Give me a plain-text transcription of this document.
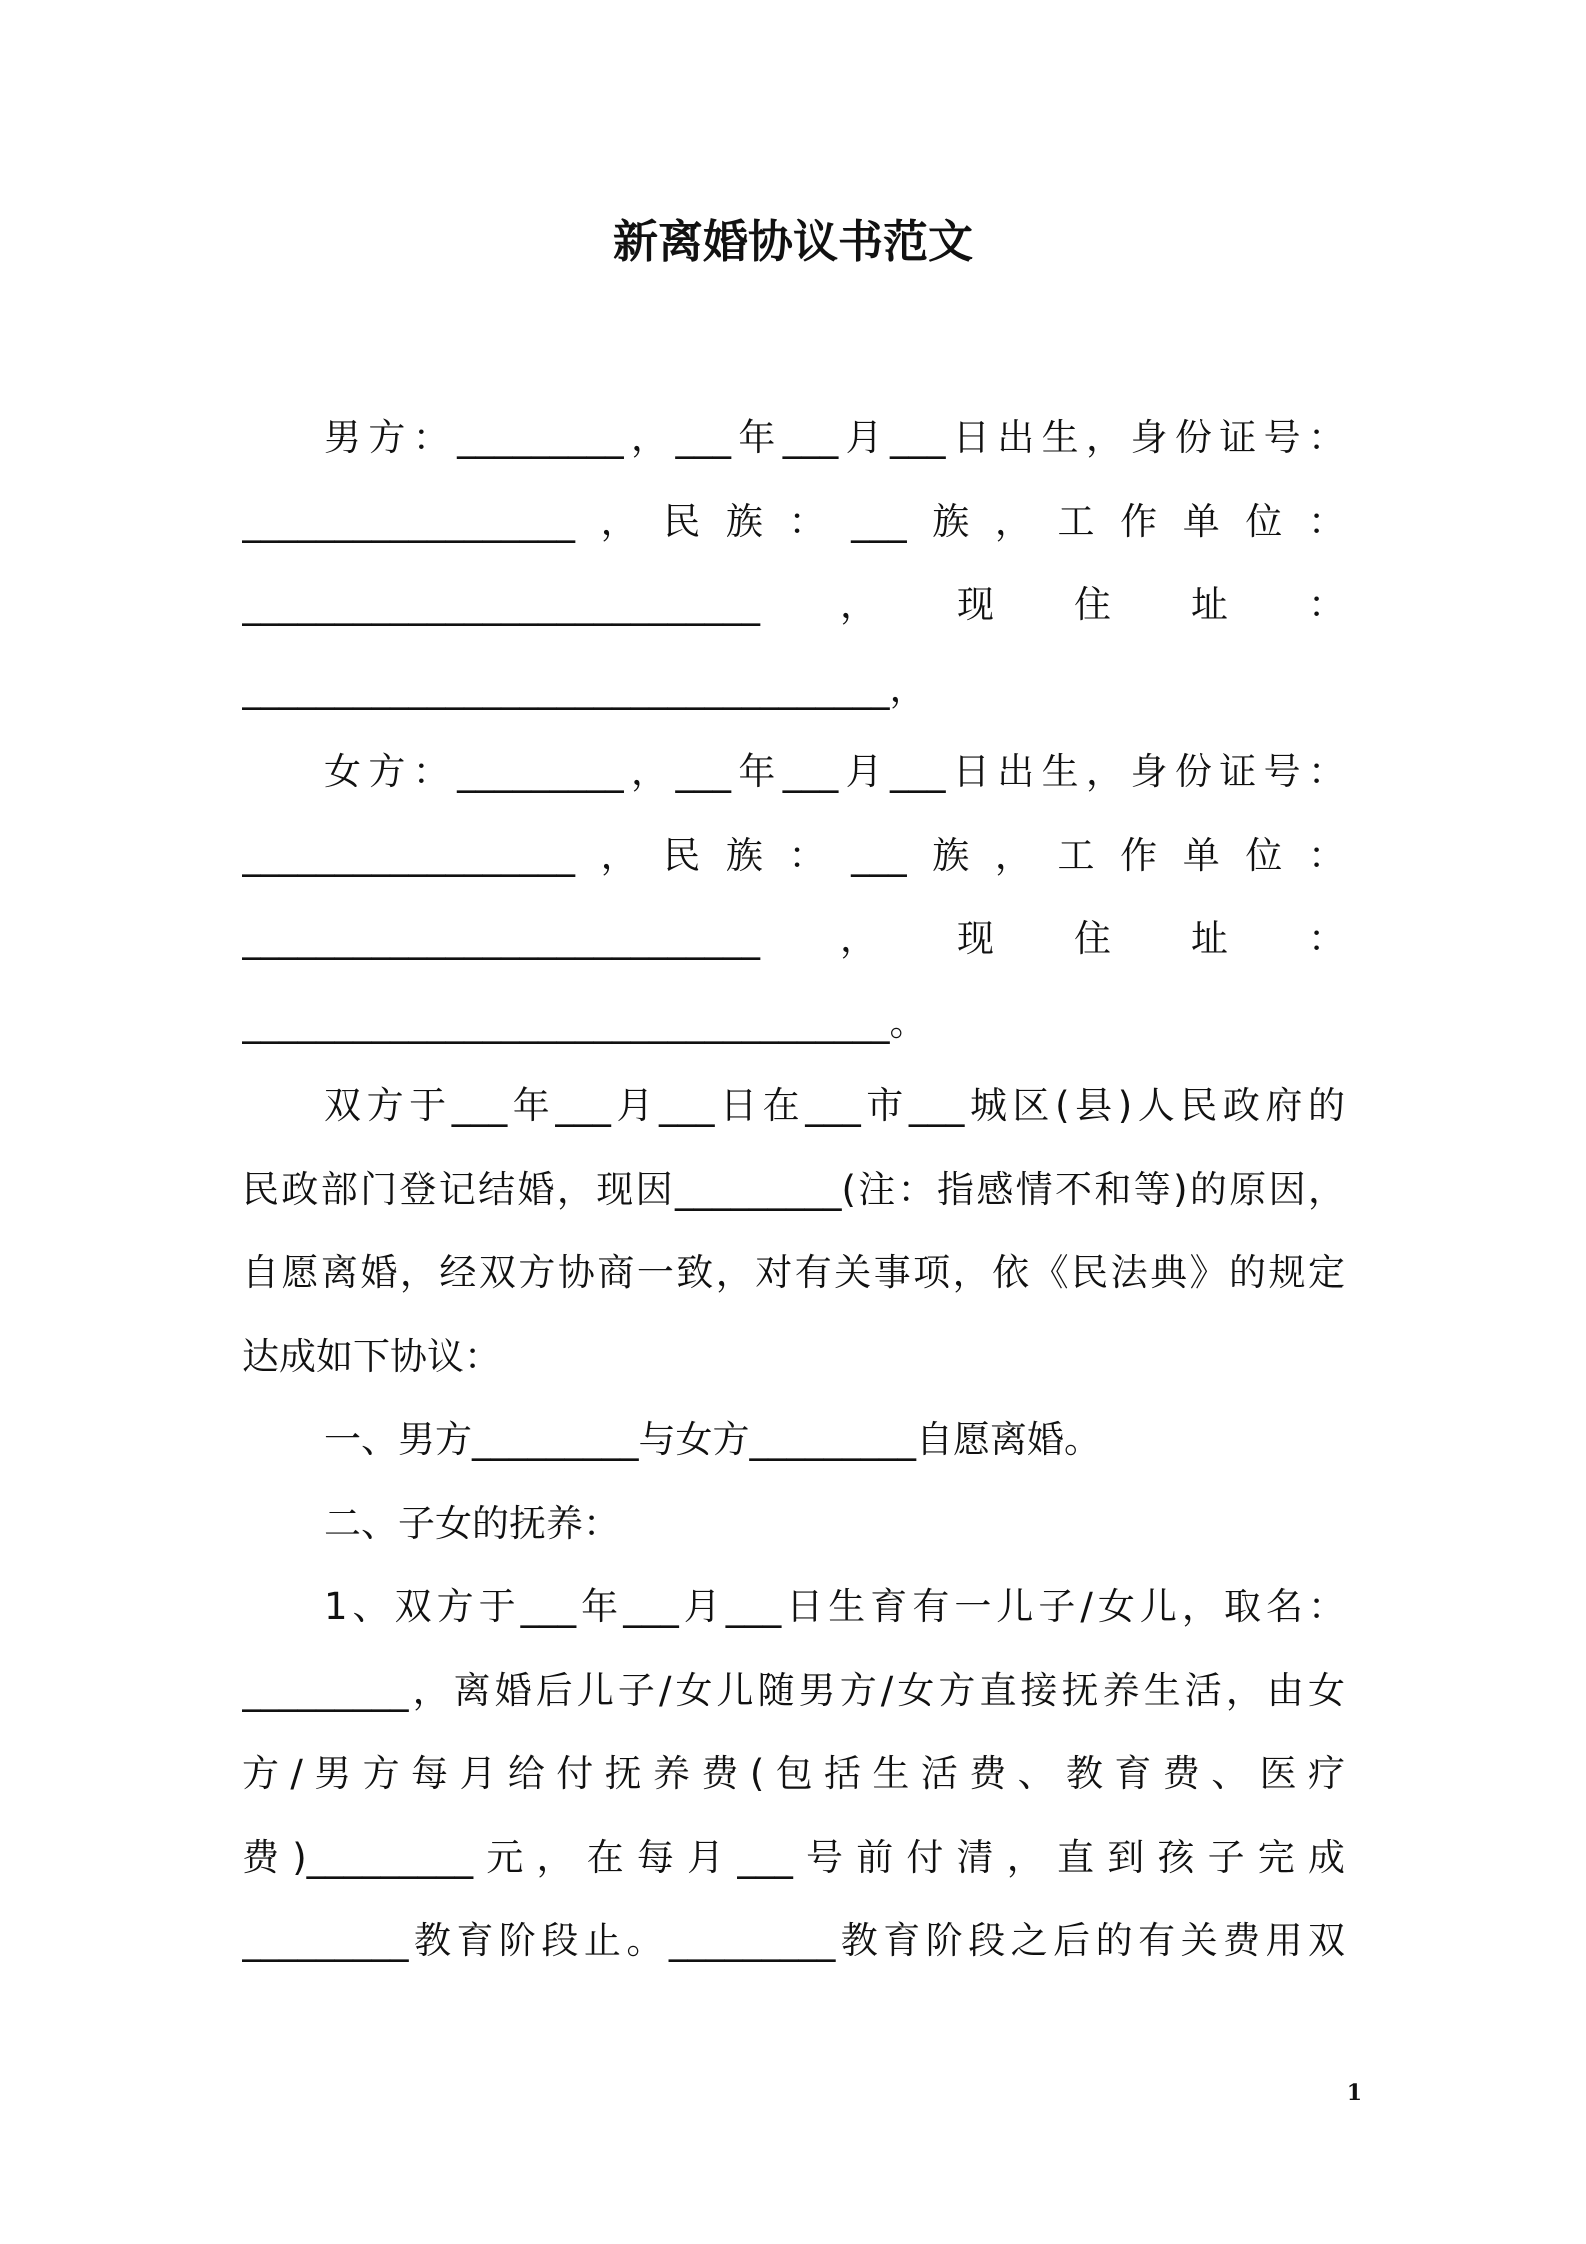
新离婚协议书范文
男方：_________，___年___月___日出生，身份证号：
__________________，民族：___族，工作单位：
____________________________，现住址：
___________________________________，
女方：_________，___年___月___日出生，身份证号：
__________________，民族：___族，工作单位：
____________________________，现住址：
___________________________________。
双方于___年___月___日在___市___城区(县)人民政府的
民政部门登记结婚，现因_________(注：指感情不和等)的原因，
自愿离婚，经双方协商一致，对有关事项，依《民法典》的规定
达成如下协议：
一、男方_________与女方_________自愿离婚。
二、子女的抚养：
1、双方于___年___月___日生育有一儿子/女儿，取名：
_________，离婚后儿子/女儿随男方/女方直接抚养生活，由女
方/男方每月给付抚养费(包括生活费、教育费、医疗
费)_________元，在每月___号前付清，直到孩子完成
_________教育阶段止。_________教育阶段之后的有关费用双
1
